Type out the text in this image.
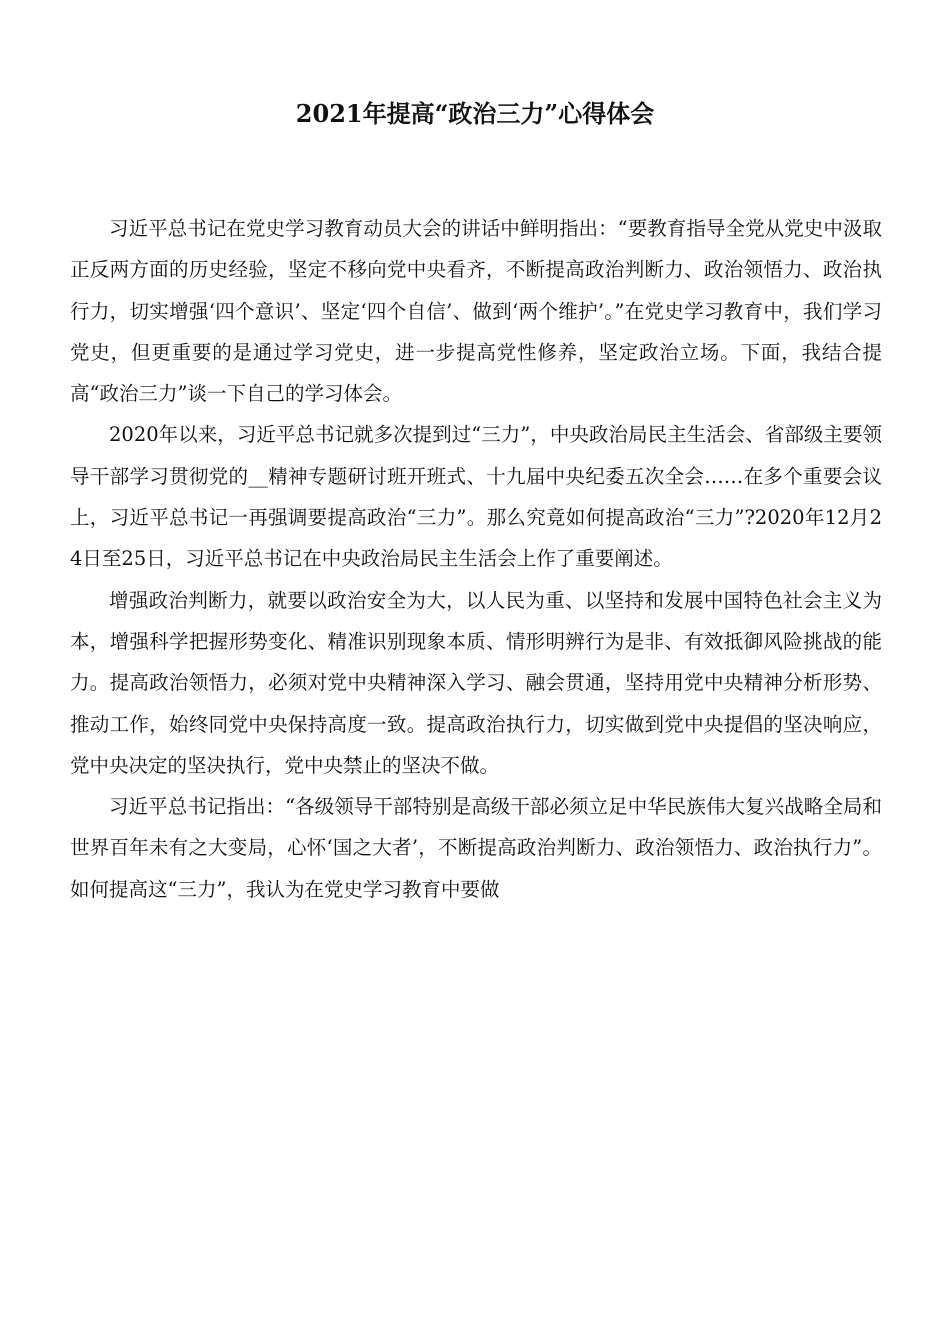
2021年提高“政治三力”心得体会

习近平总书记在党史学习教育动员大会的讲话中鲜明指出：“要教育指导全党从党史中汲取正反两方面的历史经验，坚定不移向党中央看齐，不断提高政治判断力、政治领悟力、政治执行力，切实增强‘四个意识’、坚定‘四个自信’、做到‘两个维护’。”在党史学习教育中，我们学习党史，但更重要的是通过学习党史，进一步提高党性修养，坚定政治立场。下面，我结合提高“政治三力”谈一下自己的学习体会。

2020年以来，习近平总书记就多次提到过“三力”，中央政治局民主生活会、省部级主要领导干部学习贯彻党的__精神专题研讨班开班式、十九届中央纪委五次全会……在多个重要会议上，习近平总书记一再强调要提高政治“三力”。那么究竟如何提高政治“三力”?2020年12月24日至25日，习近平总书记在中央政治局民主生活会上作了重要阐述。

增强政治判断力，就要以政治安全为大，以人民为重、以坚持和发展中国特色社会主义为本，增强科学把握形势变化、精准识别现象本质、情形明辨行为是非、有效抵御风险挑战的能力。提高政治领悟力，必须对党中央精神深入学习、融会贯通，坚持用党中央精神分析形势、推动工作，始终同党中央保持高度一致。提高政治执行力，切实做到党中央提倡的坚决响应，党中央决定的坚决执行，党中央禁止的坚决不做。

习近平总书记指出：“各级领导干部特别是高级干部必须立足中华民族伟大复兴战略全局和世界百年未有之大变局，心怀‘国之大者’，不断提高政治判断力、政治领悟力、政治执行力”。如何提高这“三力”，我认为在党史学习教育中要做
